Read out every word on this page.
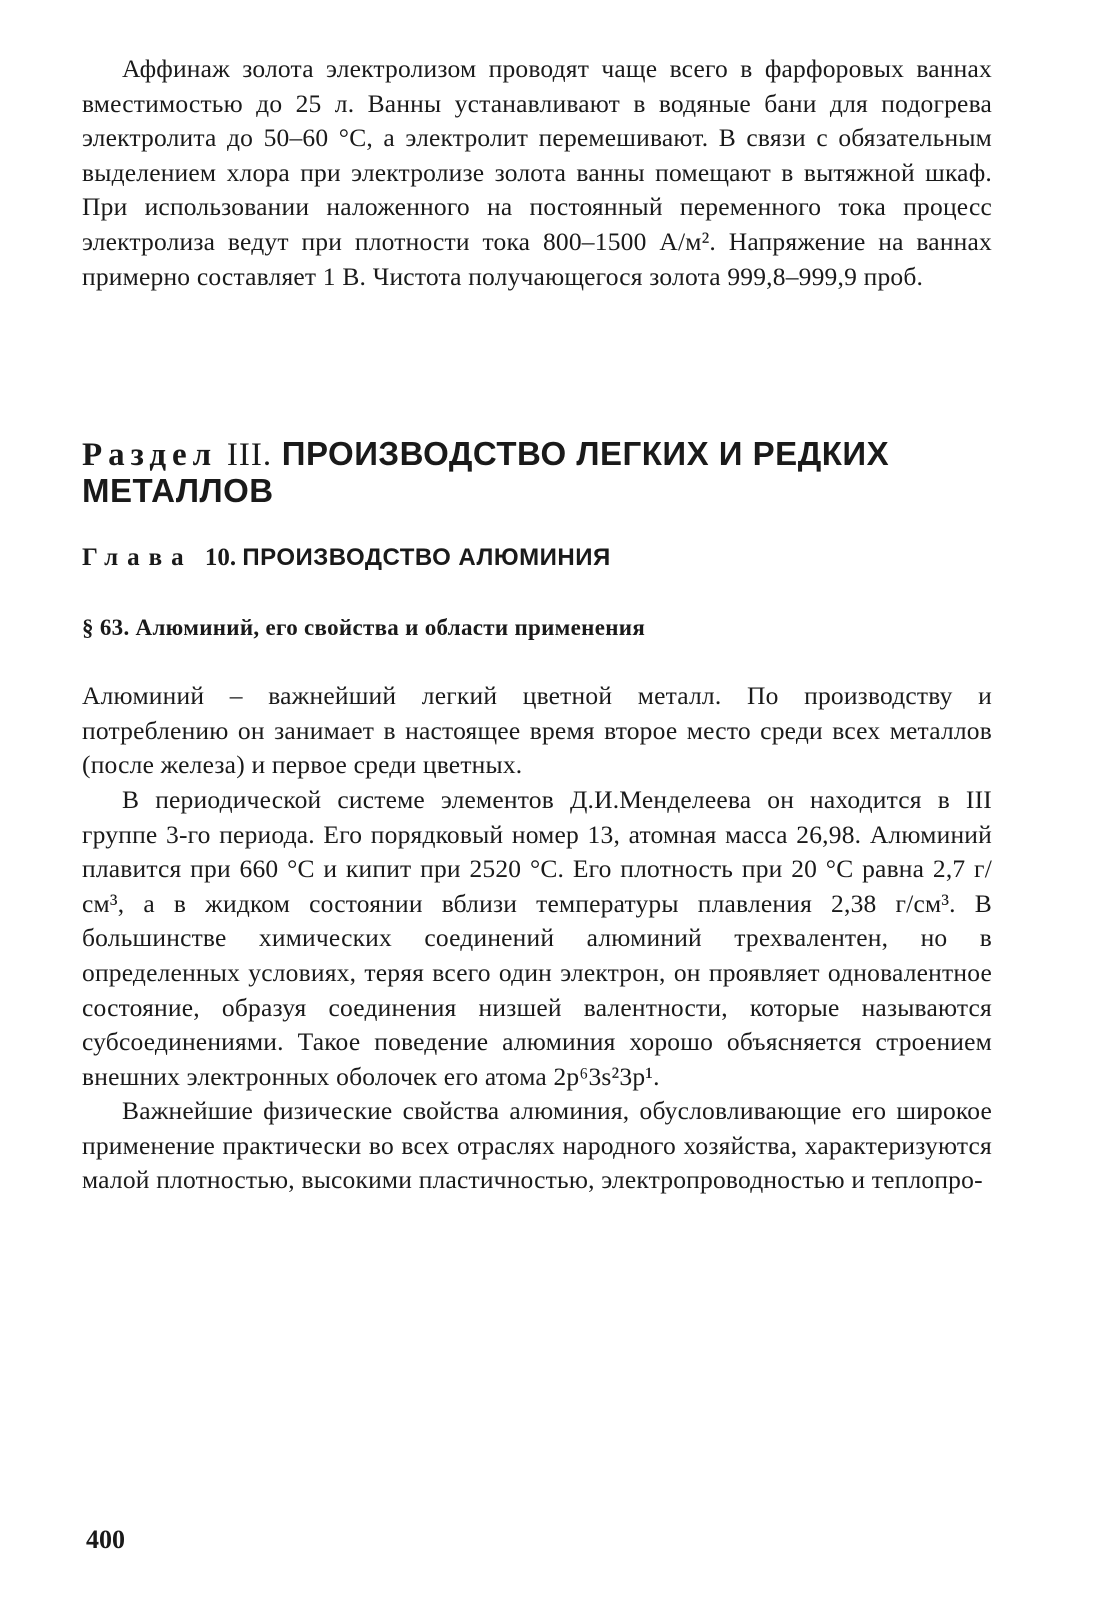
Аффинаж золота электролизом проводят чаще всего в фарфоровых ваннах вместимостью до 25 л. Ванны устанавливают в водяные бани для подогрева электролита до 50–60 °С, а электролит перемешивают. В связи с обязательным выделением хлора при электролизе золота ванны помещают в вытяжной шкаф. При использовании наложенного на постоянный переменного тока процесс электролиза ведут при плотности тока 800–1500 А/м². Напряжение на ваннах примерно составляет 1 В. Чистота получающегося золота 999,8–999,9 проб.

Раздел III. ПРОИЗВОДСТВО ЛЕГКИХ И РЕДКИХ МЕТАЛЛОВ
Глава 10. ПРОИЗВОДСТВО АЛЮМИНИЯ
§ 63. Алюминий, его свойства и области применения

Алюминий – важнейший легкий цветной металл. По производству и потреблению он занимает в настоящее время второе место среди всех металлов (после железа) и первое среди цветных.

В периодической системе элементов Д.И.Менделеева он находится в III группе 3-го периода. Его порядковый номер 13, атомная масса 26,98. Алюминий плавится при 660 °С и кипит при 2520 °С. Его плотность при 20 °С равна 2,7 г/см³, а в жидком состоянии вблизи температуры плавления 2,38 г/см³. В большинстве химических соединений алюминий трехвалентен, но в определенных условиях, теряя всего один электрон, он проявляет одновалентное состояние, образуя соединения низшей валентности, которые называются субсоединениями. Такое поведение алюминия хорошо объясняется строением внешних электронных оболочек его атома 2p⁶3s²3p¹.

Важнейшие физические свойства алюминия, обусловливающие его широкое применение практически во всех отраслях народного хозяйства, характеризуются малой плотностью, высокими пластичностью, электропроводностью и теплопро-

400
